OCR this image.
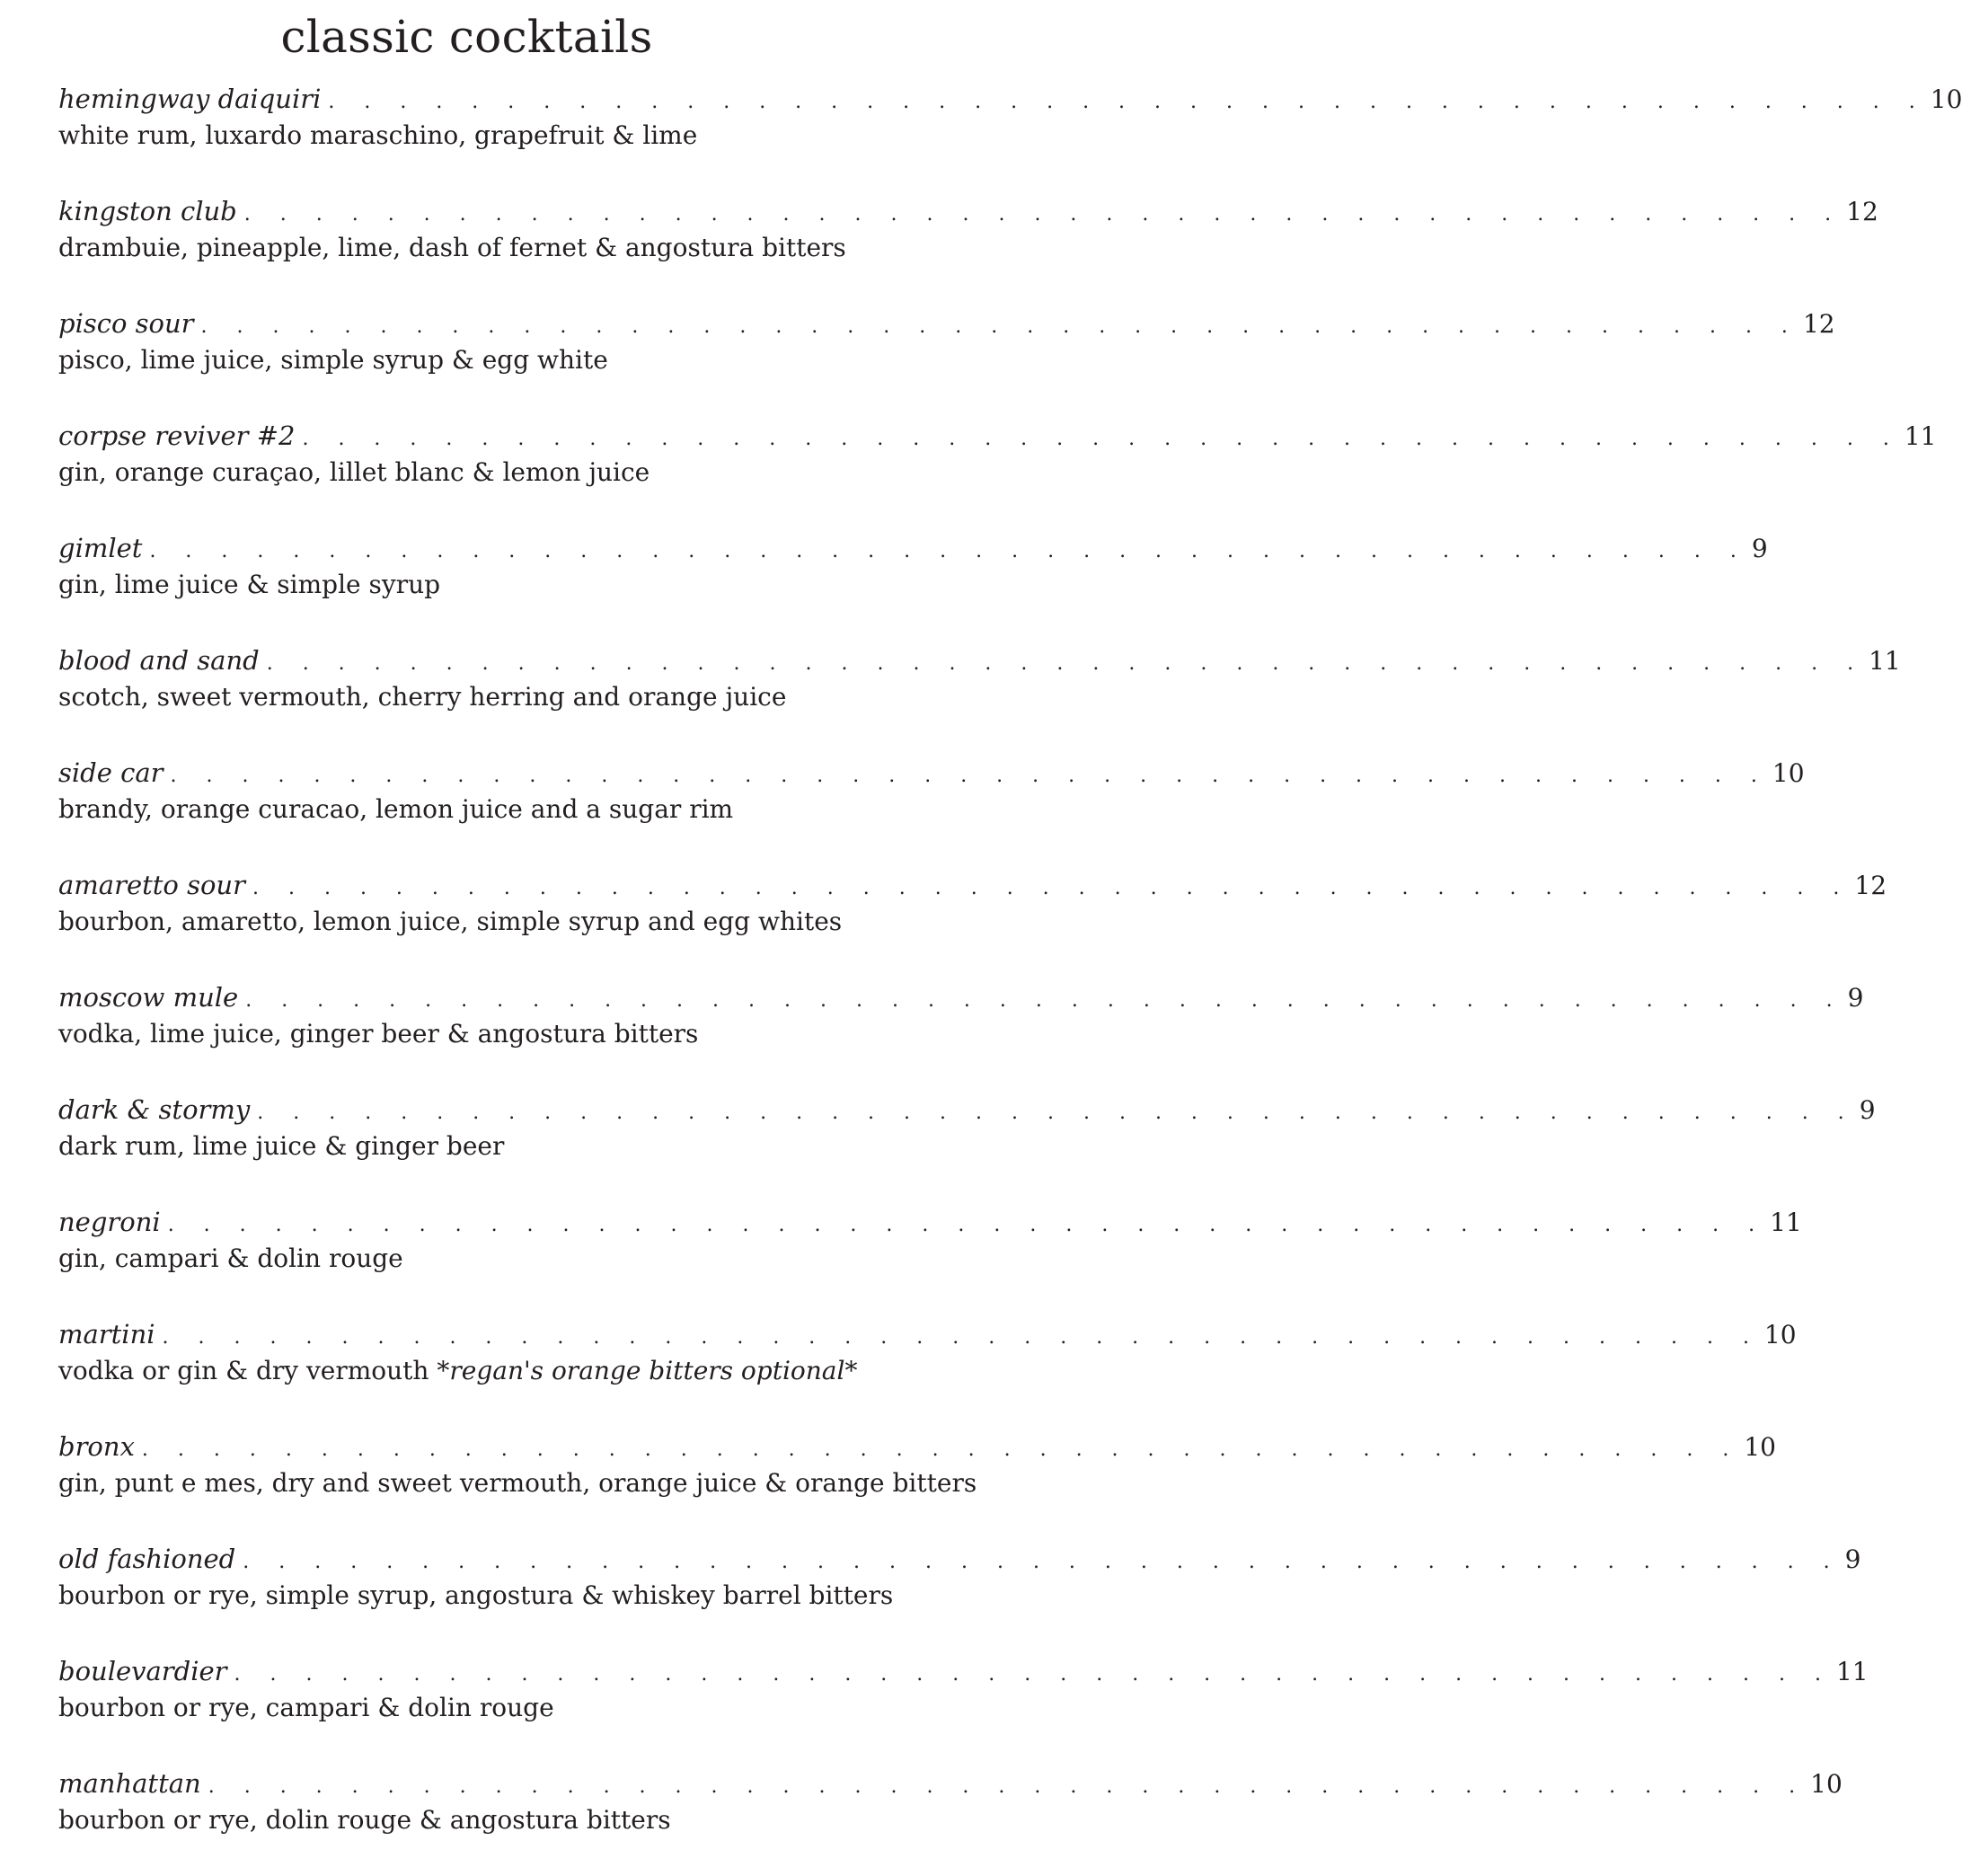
classic cocktails
hemingway daiquiri . . . . . . . . . . . . . . . . . . . . . . . . . . . . . . . . . . . . . . . . . . . . . 10
white rum, luxardo maraschino, grapefruit & lime
kingston club . . . . . . . . . . . . . . . . . . . . . . . . . . . . . . . . . . . . . . . . . . . . . 12
drambuie, pineapple, lime, dash of fernet & angostura bitters
pisco sour . . . . . . . . . . . . . . . . . . . . . . . . . . . . . . . . . . . . . . . . . . . . . 12
pisco, lime juice, simple syrup & egg white
corpse reviver #2 . . . . . . . . . . . . . . . . . . . . . . . . . . . . . . . . . . . . . . . . . . . . . 11
gin, orange curaçao, lillet blanc & lemon juice
gimlet . . . . . . . . . . . . . . . . . . . . . . . . . . . . . . . . . . . . . . . . . . . . . 9
gin, lime juice & simple syrup
blood and sand . . . . . . . . . . . . . . . . . . . . . . . . . . . . . . . . . . . . . . . . . . . . . 11
scotch, sweet vermouth, cherry herring and orange juice
side car . . . . . . . . . . . . . . . . . . . . . . . . . . . . . . . . . . . . . . . . . . . . . 10
brandy, orange curacao, lemon juice and a sugar rim
amaretto sour . . . . . . . . . . . . . . . . . . . . . . . . . . . . . . . . . . . . . . . . . . . . . 12
bourbon, amaretto, lemon juice, simple syrup and egg whites
moscow mule . . . . . . . . . . . . . . . . . . . . . . . . . . . . . . . . . . . . . . . . . . . . . 9
vodka, lime juice, ginger beer & angostura bitters
dark & stormy . . . . . . . . . . . . . . . . . . . . . . . . . . . . . . . . . . . . . . . . . . . . . 9
dark rum, lime juice & ginger beer
negroni . . . . . . . . . . . . . . . . . . . . . . . . . . . . . . . . . . . . . . . . . . . . . 11
gin, campari & dolin rouge
martini . . . . . . . . . . . . . . . . . . . . . . . . . . . . . . . . . . . . . . . . . . . . . 10
vodka or gin & dry vermouth *regan's orange bitters optional*
bronx . . . . . . . . . . . . . . . . . . . . . . . . . . . . . . . . . . . . . . . . . . . . . 10
gin, punt e mes, dry and sweet vermouth, orange juice & orange bitters
old fashioned . . . . . . . . . . . . . . . . . . . . . . . . . . . . . . . . . . . . . . . . . . . . . 9
bourbon or rye, simple syrup, angostura & whiskey barrel bitters
boulevardier . . . . . . . . . . . . . . . . . . . . . . . . . . . . . . . . . . . . . . . . . . . . . 11
bourbon or rye, campari & dolin rouge
manhattan . . . . . . . . . . . . . . . . . . . . . . . . . . . . . . . . . . . . . . . . . . . . . 10
bourbon or rye, dolin rouge & angostura bitters
